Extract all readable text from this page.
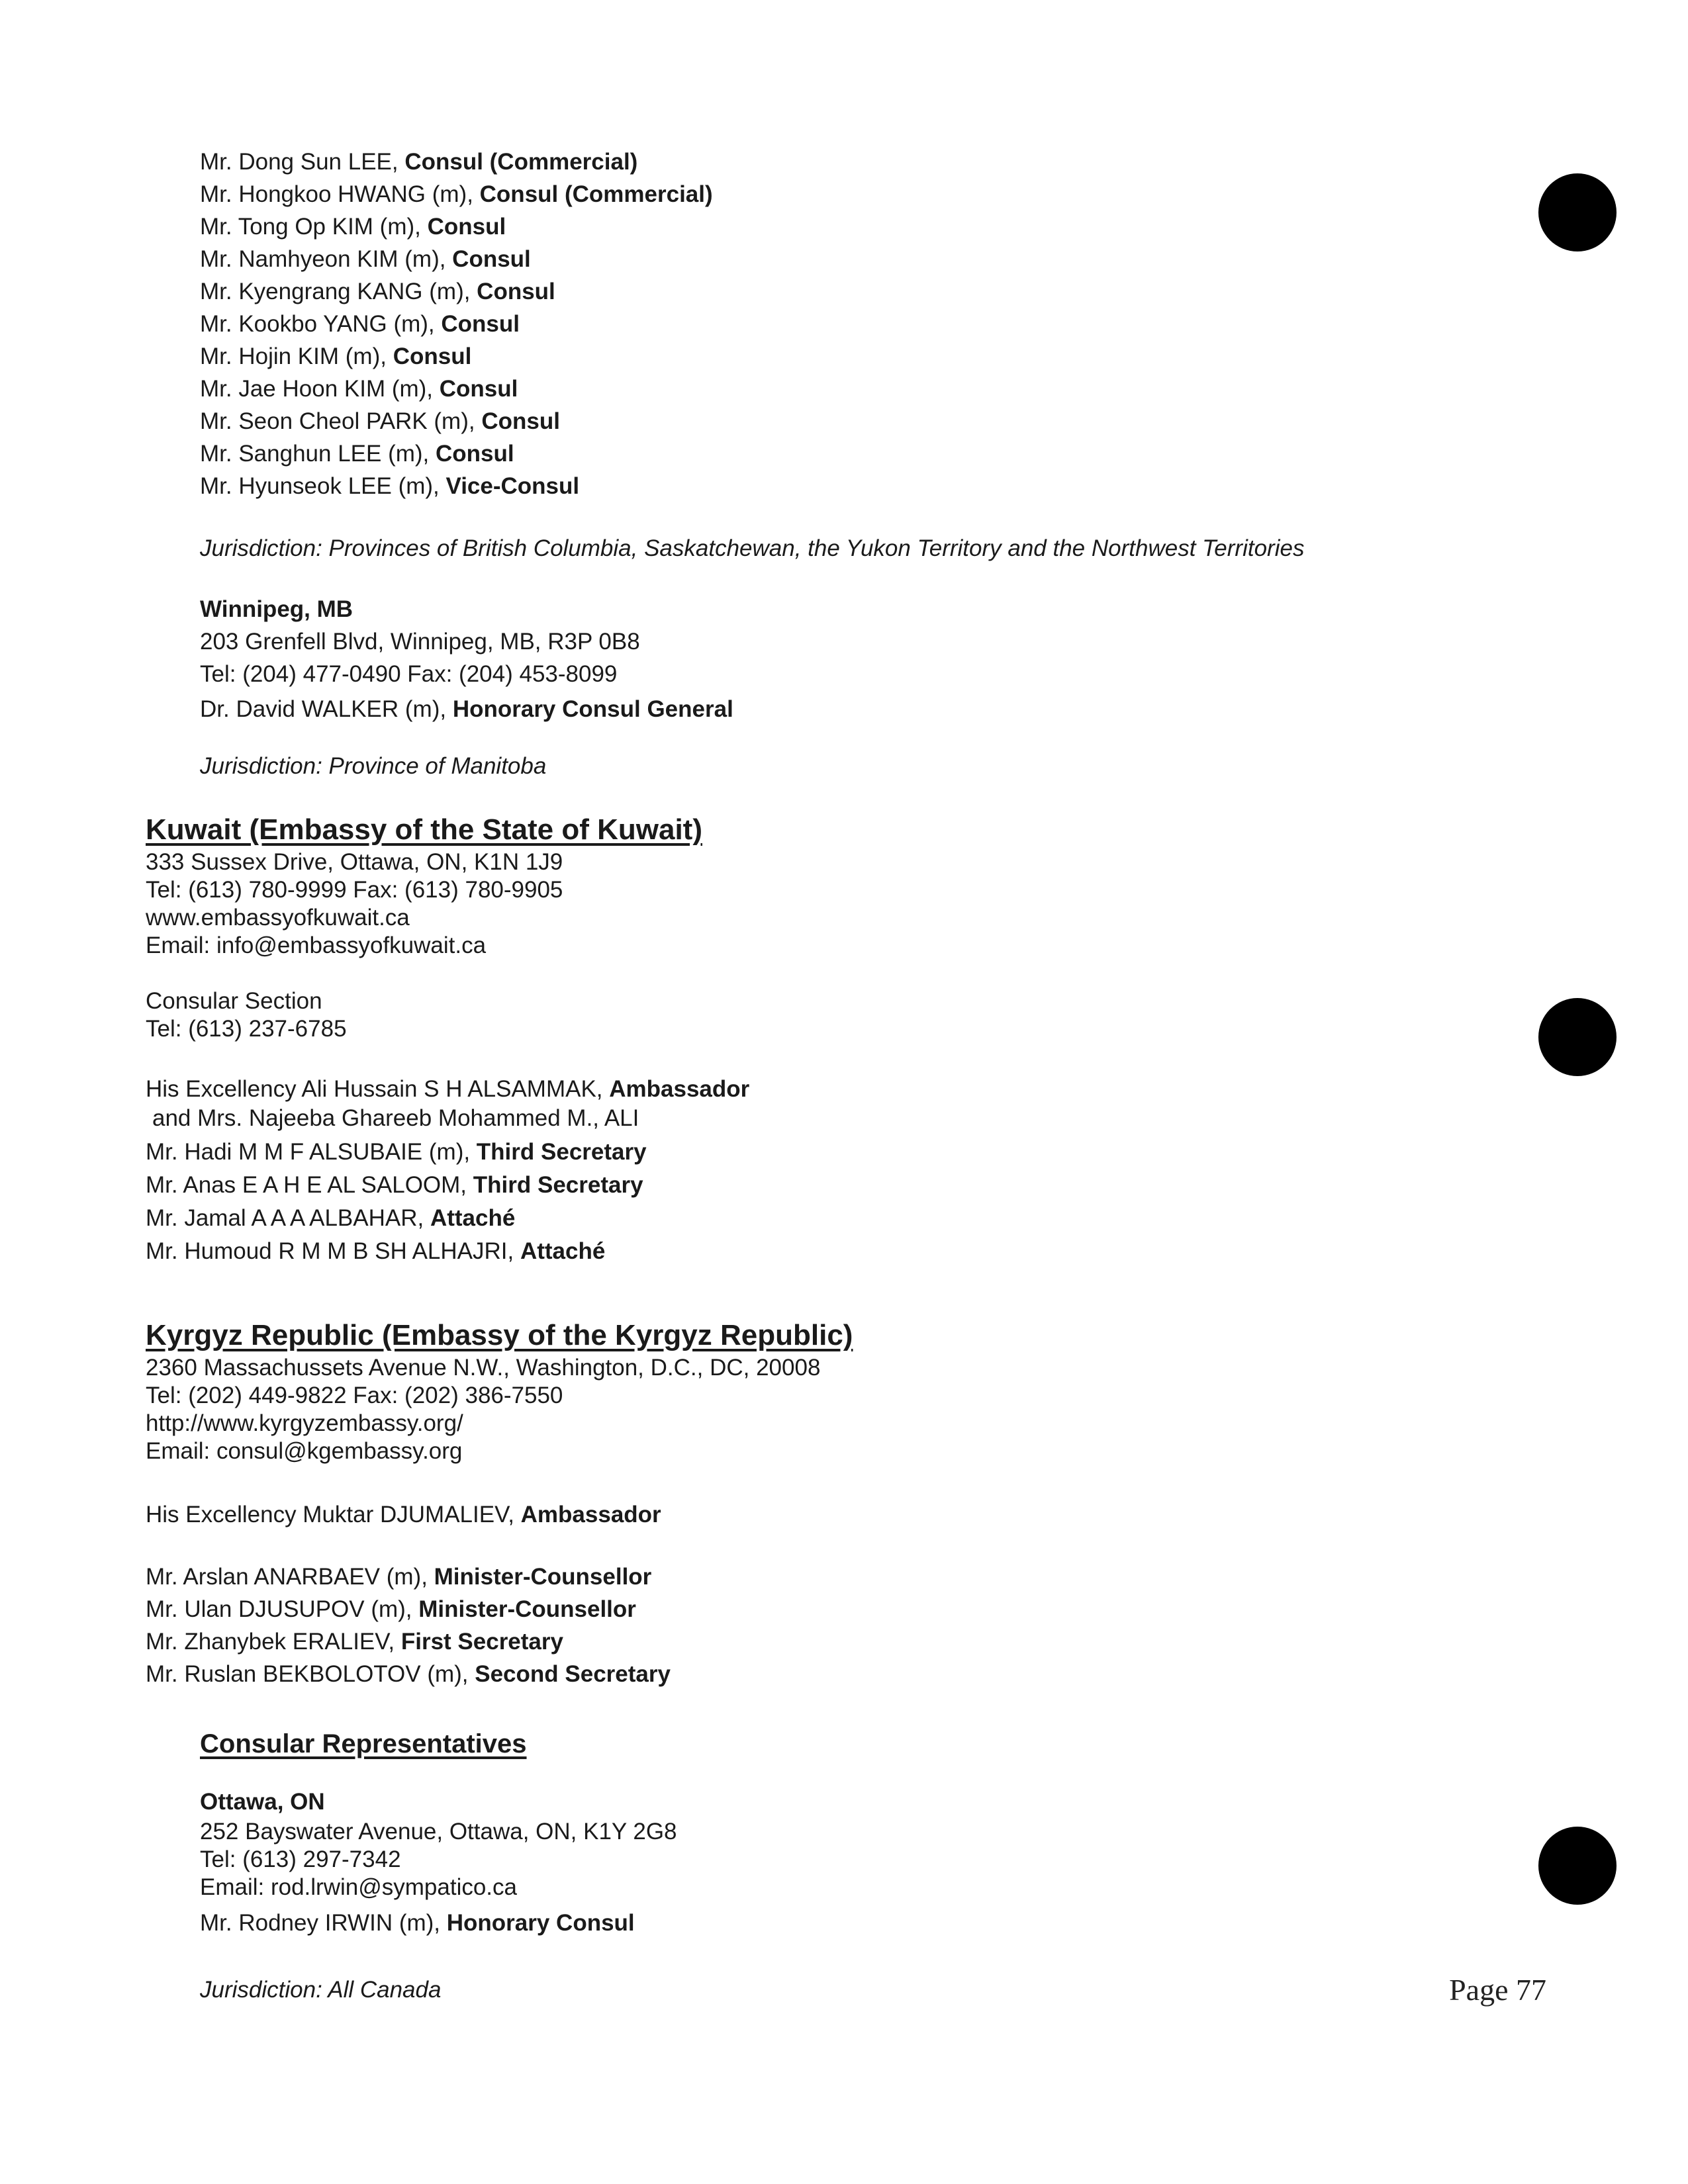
Mr. Dong Sun LEE, Consul (Commercial)
Mr. Hongkoo HWANG (m), Consul (Commercial)
Mr. Tong Op KIM (m), Consul
Mr. Namhyeon KIM (m), Consul
Mr. Kyengrang KANG (m), Consul
Mr. Kookbo YANG (m), Consul
Mr. Hojin KIM (m), Consul
Mr. Jae Hoon KIM (m), Consul
Mr. Seon Cheol PARK (m), Consul
Mr. Sanghun LEE (m), Consul
Mr. Hyunseok LEE (m), Vice-Consul
Jurisdiction: Provinces of British Columbia, Saskatchewan, the Yukon Territory and the Northwest Territories
Winnipeg, MB
203 Grenfell Blvd, Winnipeg, MB, R3P 0B8
Tel: (204) 477-0490 Fax: (204) 453-8099
Dr. David WALKER (m), Honorary Consul General
Jurisdiction: Province of Manitoba
Kuwait (Embassy of the State of Kuwait)
333 Sussex Drive, Ottawa, ON, K1N 1J9
Tel: (613) 780-9999 Fax: (613) 780-9905
www.embassyofkuwait.ca
Email: info@embassyofkuwait.ca
Consular Section
Tel: (613) 237-6785
His Excellency Ali Hussain S H ALSAMMAK, Ambassador
and Mrs. Najeeba Ghareeb Mohammed M., ALI
Mr. Hadi M M F ALSUBAIE (m), Third Secretary
Mr. Anas E A H E AL SALOOM, Third Secretary
Mr. Jamal A A A ALBAHAR, Attaché
Mr. Humoud R M M B SH ALHAJRI, Attaché
Kyrgyz Republic (Embassy of the Kyrgyz Republic)
2360 Massachussets Avenue N.W., Washington, D.C., DC, 20008
Tel: (202) 449-9822 Fax: (202) 386-7550
http://www.kyrgyzembassy.org/
Email: consul@kgembassy.org
His Excellency Muktar DJUMALIEV, Ambassador
Mr. Arslan ANARBAEV (m), Minister-Counsellor
Mr. Ulan DJUSUPOV (m), Minister-Counsellor
Mr. Zhanybek ERALIEV, First Secretary
Mr. Ruslan BEKBOLOTOV (m), Second Secretary
Consular Representatives
Ottawa, ON
252 Bayswater Avenue, Ottawa, ON, K1Y 2G8
Tel: (613) 297-7342
Email: rod.lrwin@sympatico.ca
Mr. Rodney IRWIN (m), Honorary Consul
Jurisdiction: All Canada	Page 77
